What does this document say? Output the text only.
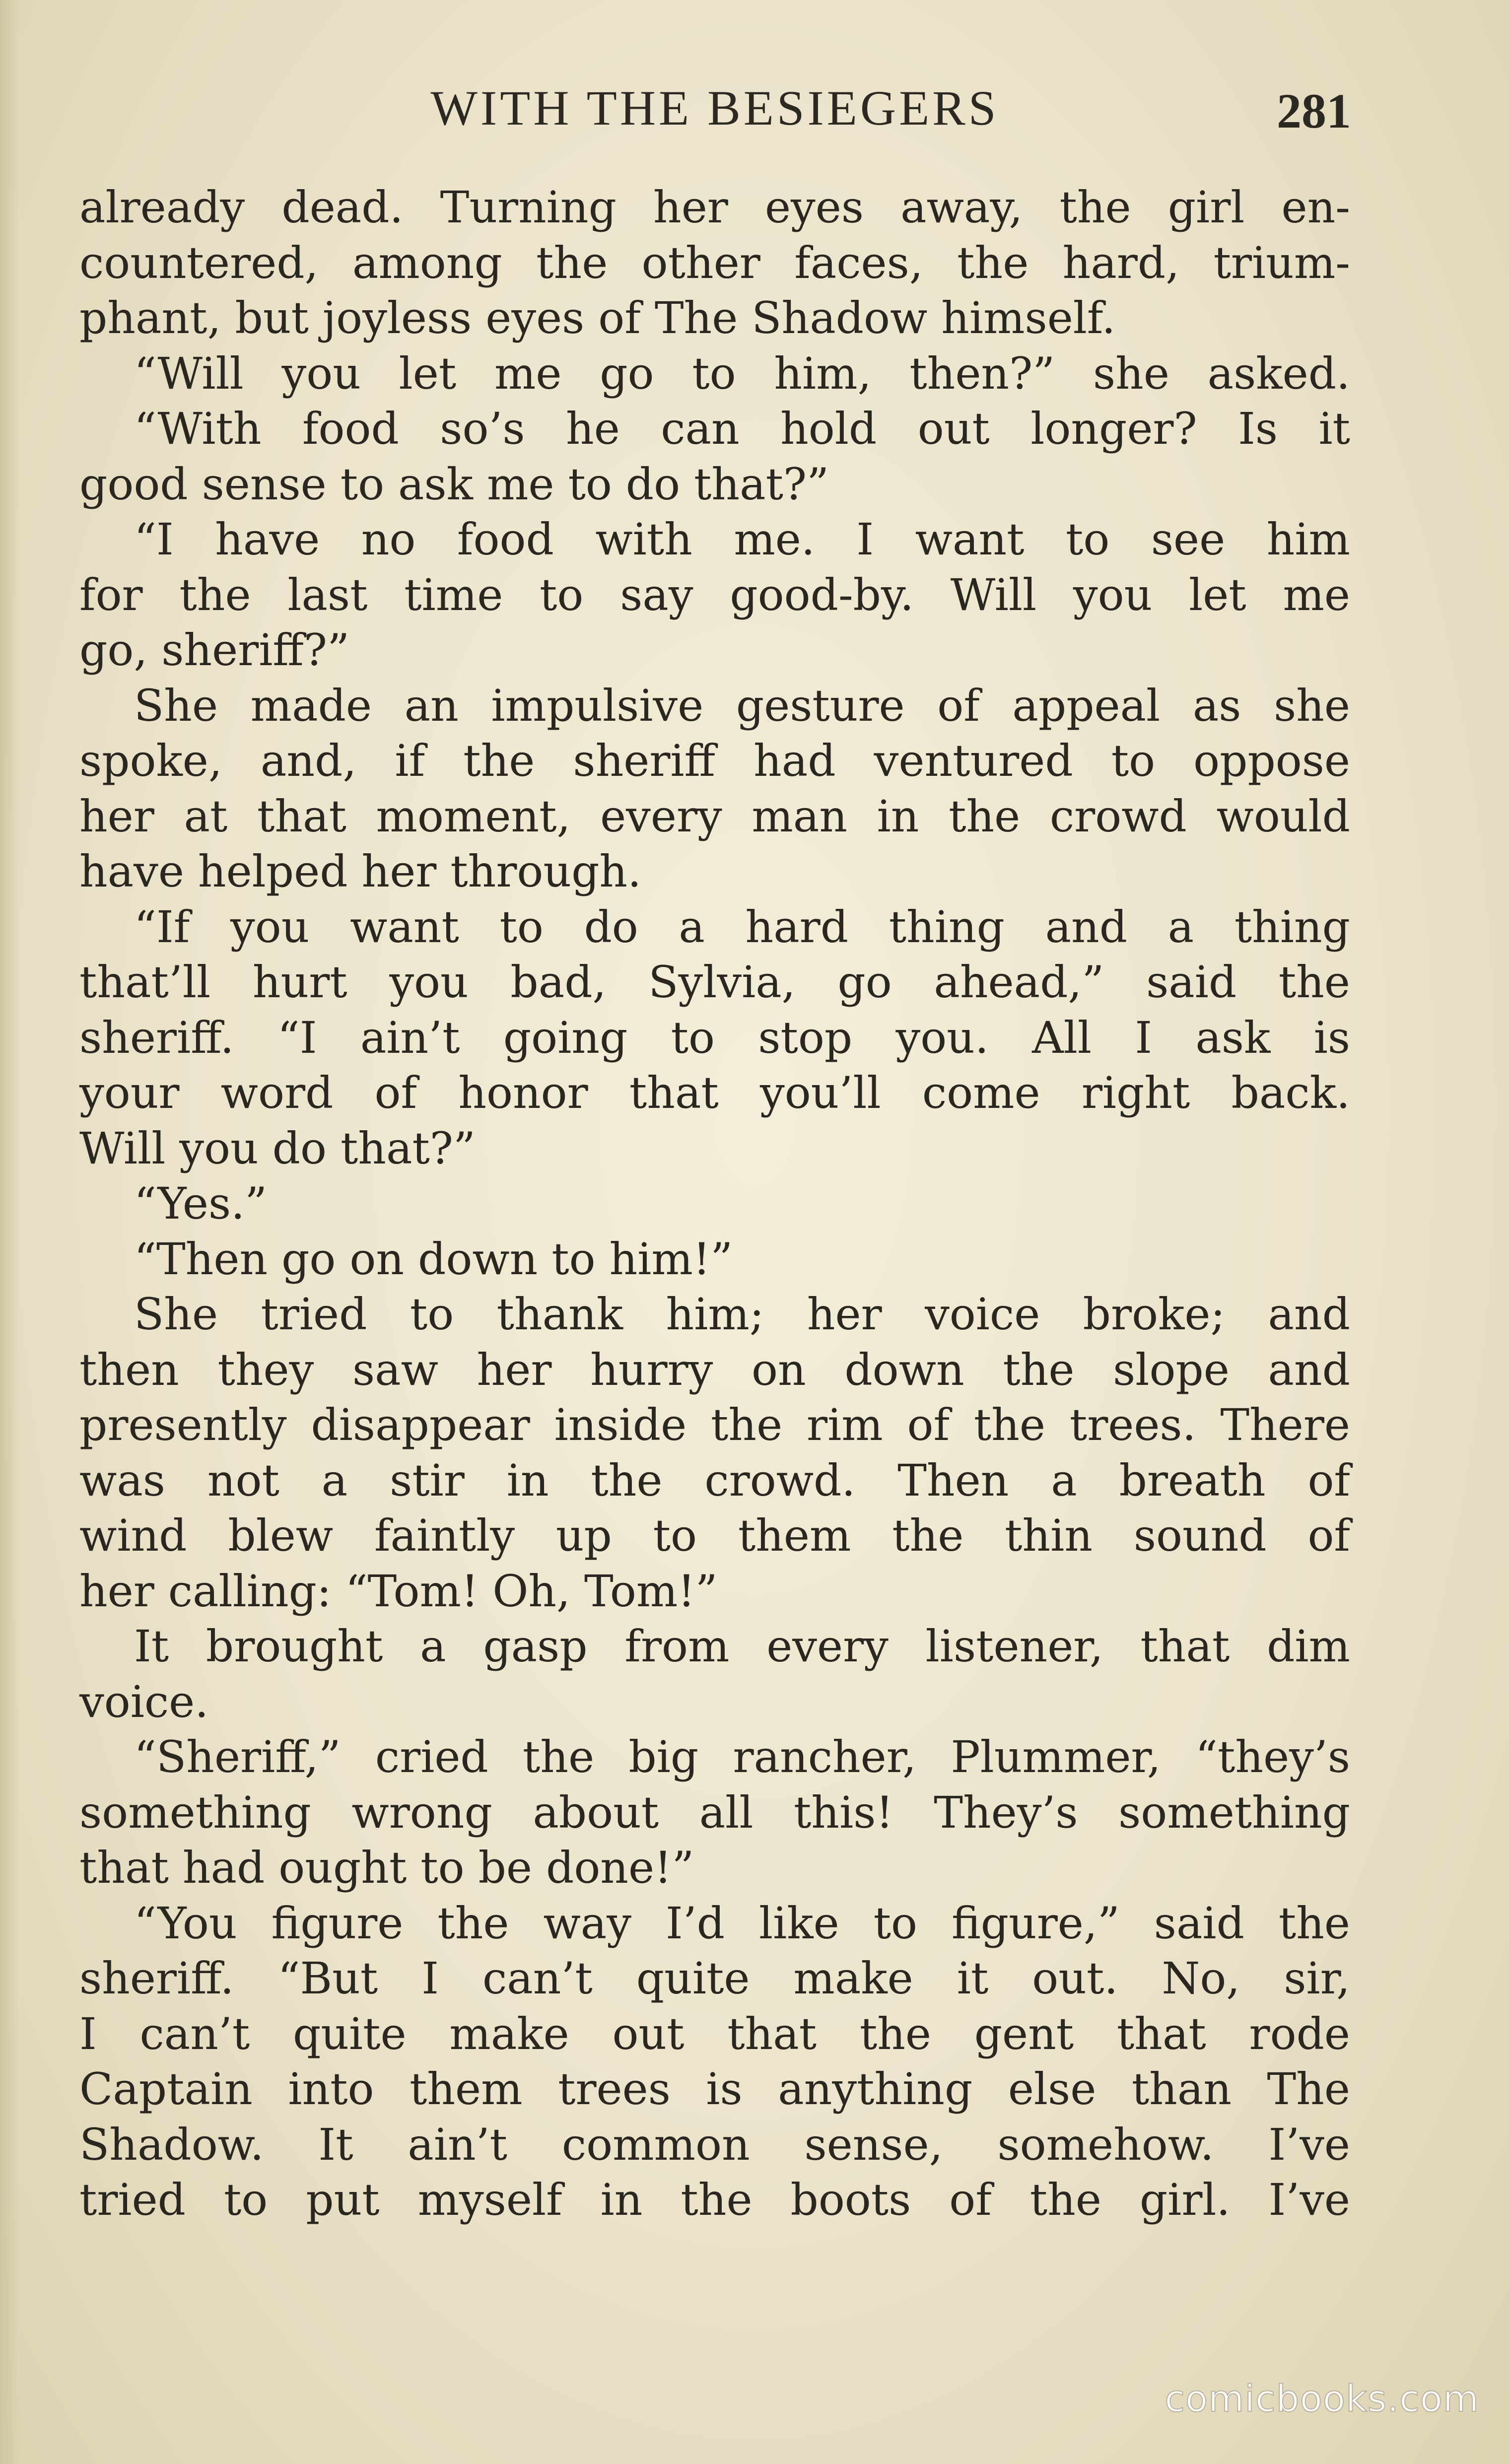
WITH THE BESIEGERS	281
already dead. Turning her eyes away, the girl en-
countered, among the other faces, the hard, trium-
phant, but joyless eyes of The Shadow himself.
“Will you let me go to him, then?” she asked.
“With food so’s he can hold out longer? Is it
good sense to ask me to do that?”
“I have no food with me. I want to see him
for the last time to say good-by. Will you let me
go, sheriff?”
She made an impulsive gesture of appeal as she
spoke, and, if the sheriff had ventured to oppose
her at that moment, every man in the crowd would
have helped her through.
“If you want to do a hard thing and a thing
that’ll hurt you bad, Sylvia, go ahead,” said the
sheriff. “I ain’t going to stop you. All I ask is
your word of honor that you’ll come right back.
Will you do that?”
“Yes.”
“Then go on down to him!”
She tried to thank him; her voice broke; and
then they saw her hurry on down the slope and
presently disappear inside the rim of the trees. There
was not a stir in the crowd. Then a breath of
wind blew faintly up to them the thin sound of
her calling: “Tom! Oh, Tom!”
It brought a gasp from every listener, that dim
voice.
“Sheriff,” cried the big rancher, Plummer, “they’s
something wrong about all this! They’s something
that had ought to be done!”
“You figure the way I’d like to figure,” said the
sheriff. “But I can’t quite make it out. No, sir,
I can’t quite make out that the gent that rode
Captain into them trees is anything else than The
Shadow. It ain’t common sense, somehow. I’ve
tried to put myself in the boots of the girl. I’ve
comicbooks.com
